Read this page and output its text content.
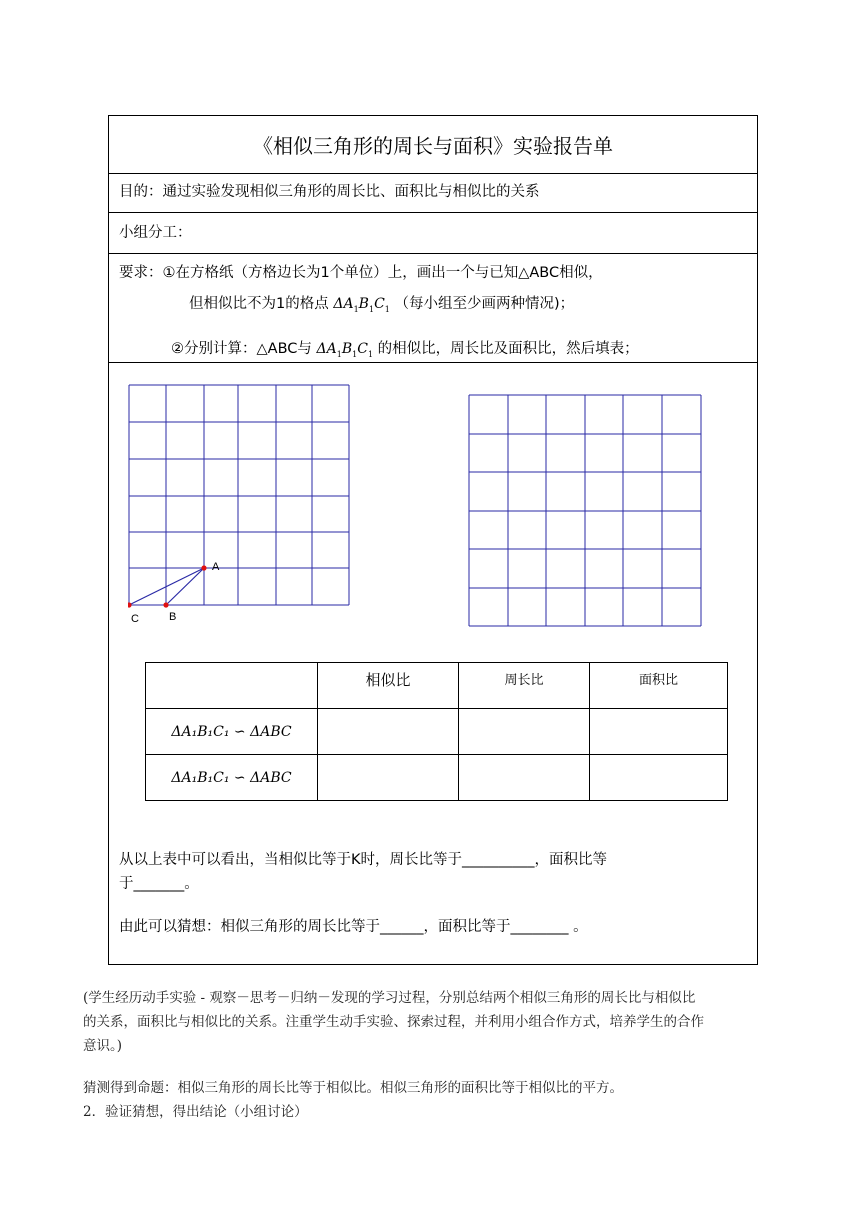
《相似三角形的周长与面积》实验报告单
目的：通过实验发现相似三角形的周长比、面积比与相似比的关系
小组分工：
要求：①在方格纸（方格边长为1个单位）上，画出一个与已知△ABC相似，
但相似比不为1的格点 $\Delta A_1B_1C_1$ （每小组至少画两种情况)；
②分别计算：△ABC与 $\Delta A_1B_1C_1$ 的相似比，周长比及面积比，然后填表；
A
B
C
	相似比	周长比	面积比
ΔA₁B₁C₁ ∽ ΔABC			
ΔA₁B₁C₁ ∽ ΔABC			
从以上表中可以看出，当相似比等于K时，周长比等于__________，面积比等
于_______。
由此可以猜想：相似三角形的周长比等于______，面积比等于________ 。
(学生经历动手实验 - 观察－思考－归纳－发现的学习过程，分别总结两个相似三角形的周长比与相似比
的关系，面积比与相似比的关系。注重学生动手实验、探索过程，并利用小组合作方式，培养学生的合作
意识。)
猜测得到命题：相似三角形的周长比等于相似比。相似三角形的面积比等于相似比的平方。
2．验证猜想，得出结论（小组讨论）
